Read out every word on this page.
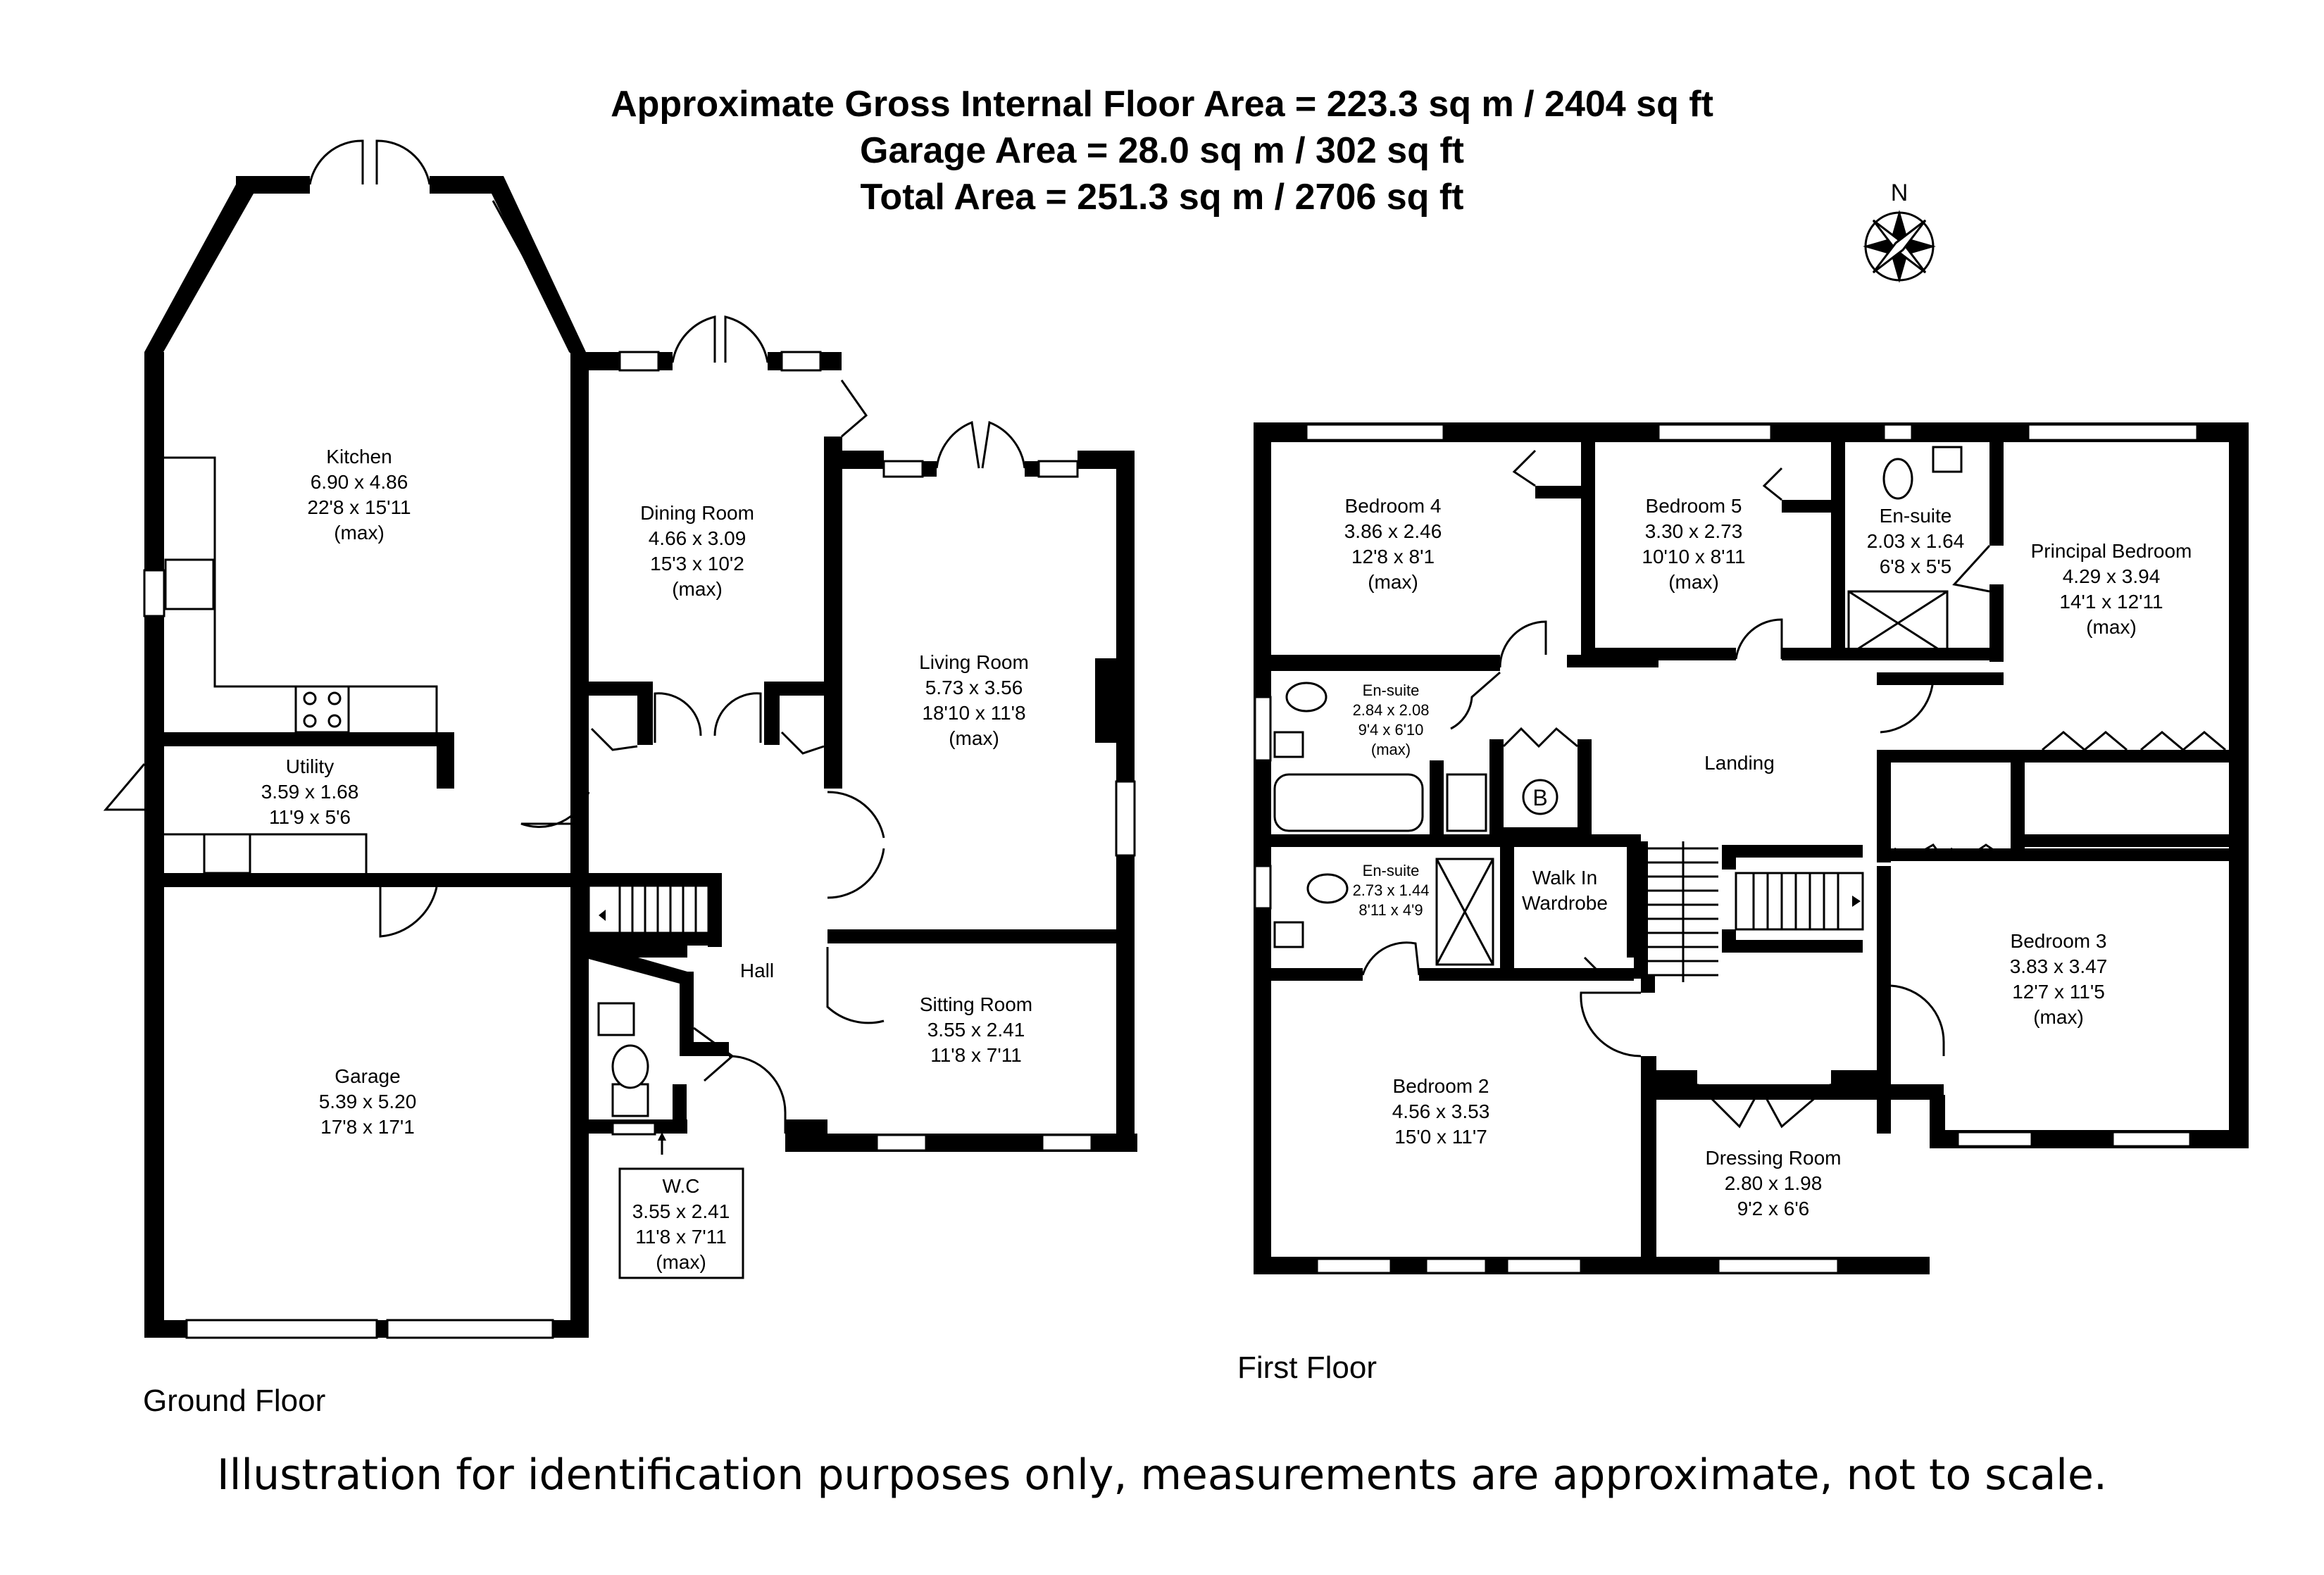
Approximate Gross Internal Floor Area = 223.3 sq m / 2404 sq ft
Garage Area = 28.0 sq m / 302 sq ft
Total Area = 251.3 sq m / 2706 sq ft	N
B
Kitchen
6.90 x 4.86
22'8 x 15'11
(max)
Dining Room
4.66 x 3.09
15'3 x 10'2
(max)
Living Room
5.73 x 3.56
18'10 x 11'8
(max)
Utility
3.59 x 1.68
11'9 x 5'6
Hall
Sitting Room
3.55 x 2.41
11'8 x 7'11
Garage
5.39 x 5.20
17'8 x 17'1
W.C
3.55 x 2.41
11'8 x 7'11
(max)
Bedroom 4
3.86 x 2.46
12'8 x 8'1
(max)
Bedroom 5
3.30 x 2.73
10'10 x 8'11
(max)
En-suite
2.03 x 1.64
6'8 x 5'5
Principal Bedroom
4.29 x 3.94
14'1 x 12'11
(max)
En-suite
2.84 x 2.08
9'4 x 6'10
(max)
Landing
En-suite
2.73 x 1.44
8'11 x 4'9
Walk In
Wardrobe
Bedroom 3
3.83 x 3.47
12'7 x 11'5
(max)
Bedroom 2
4.56 x 3.53
15'0 x 11'7
Dressing Room
2.80 x 1.98
9'2 x 6'6
Ground Floor
First Floor
Illustration for identification purposes only, measurements are approximate, not to scale.
